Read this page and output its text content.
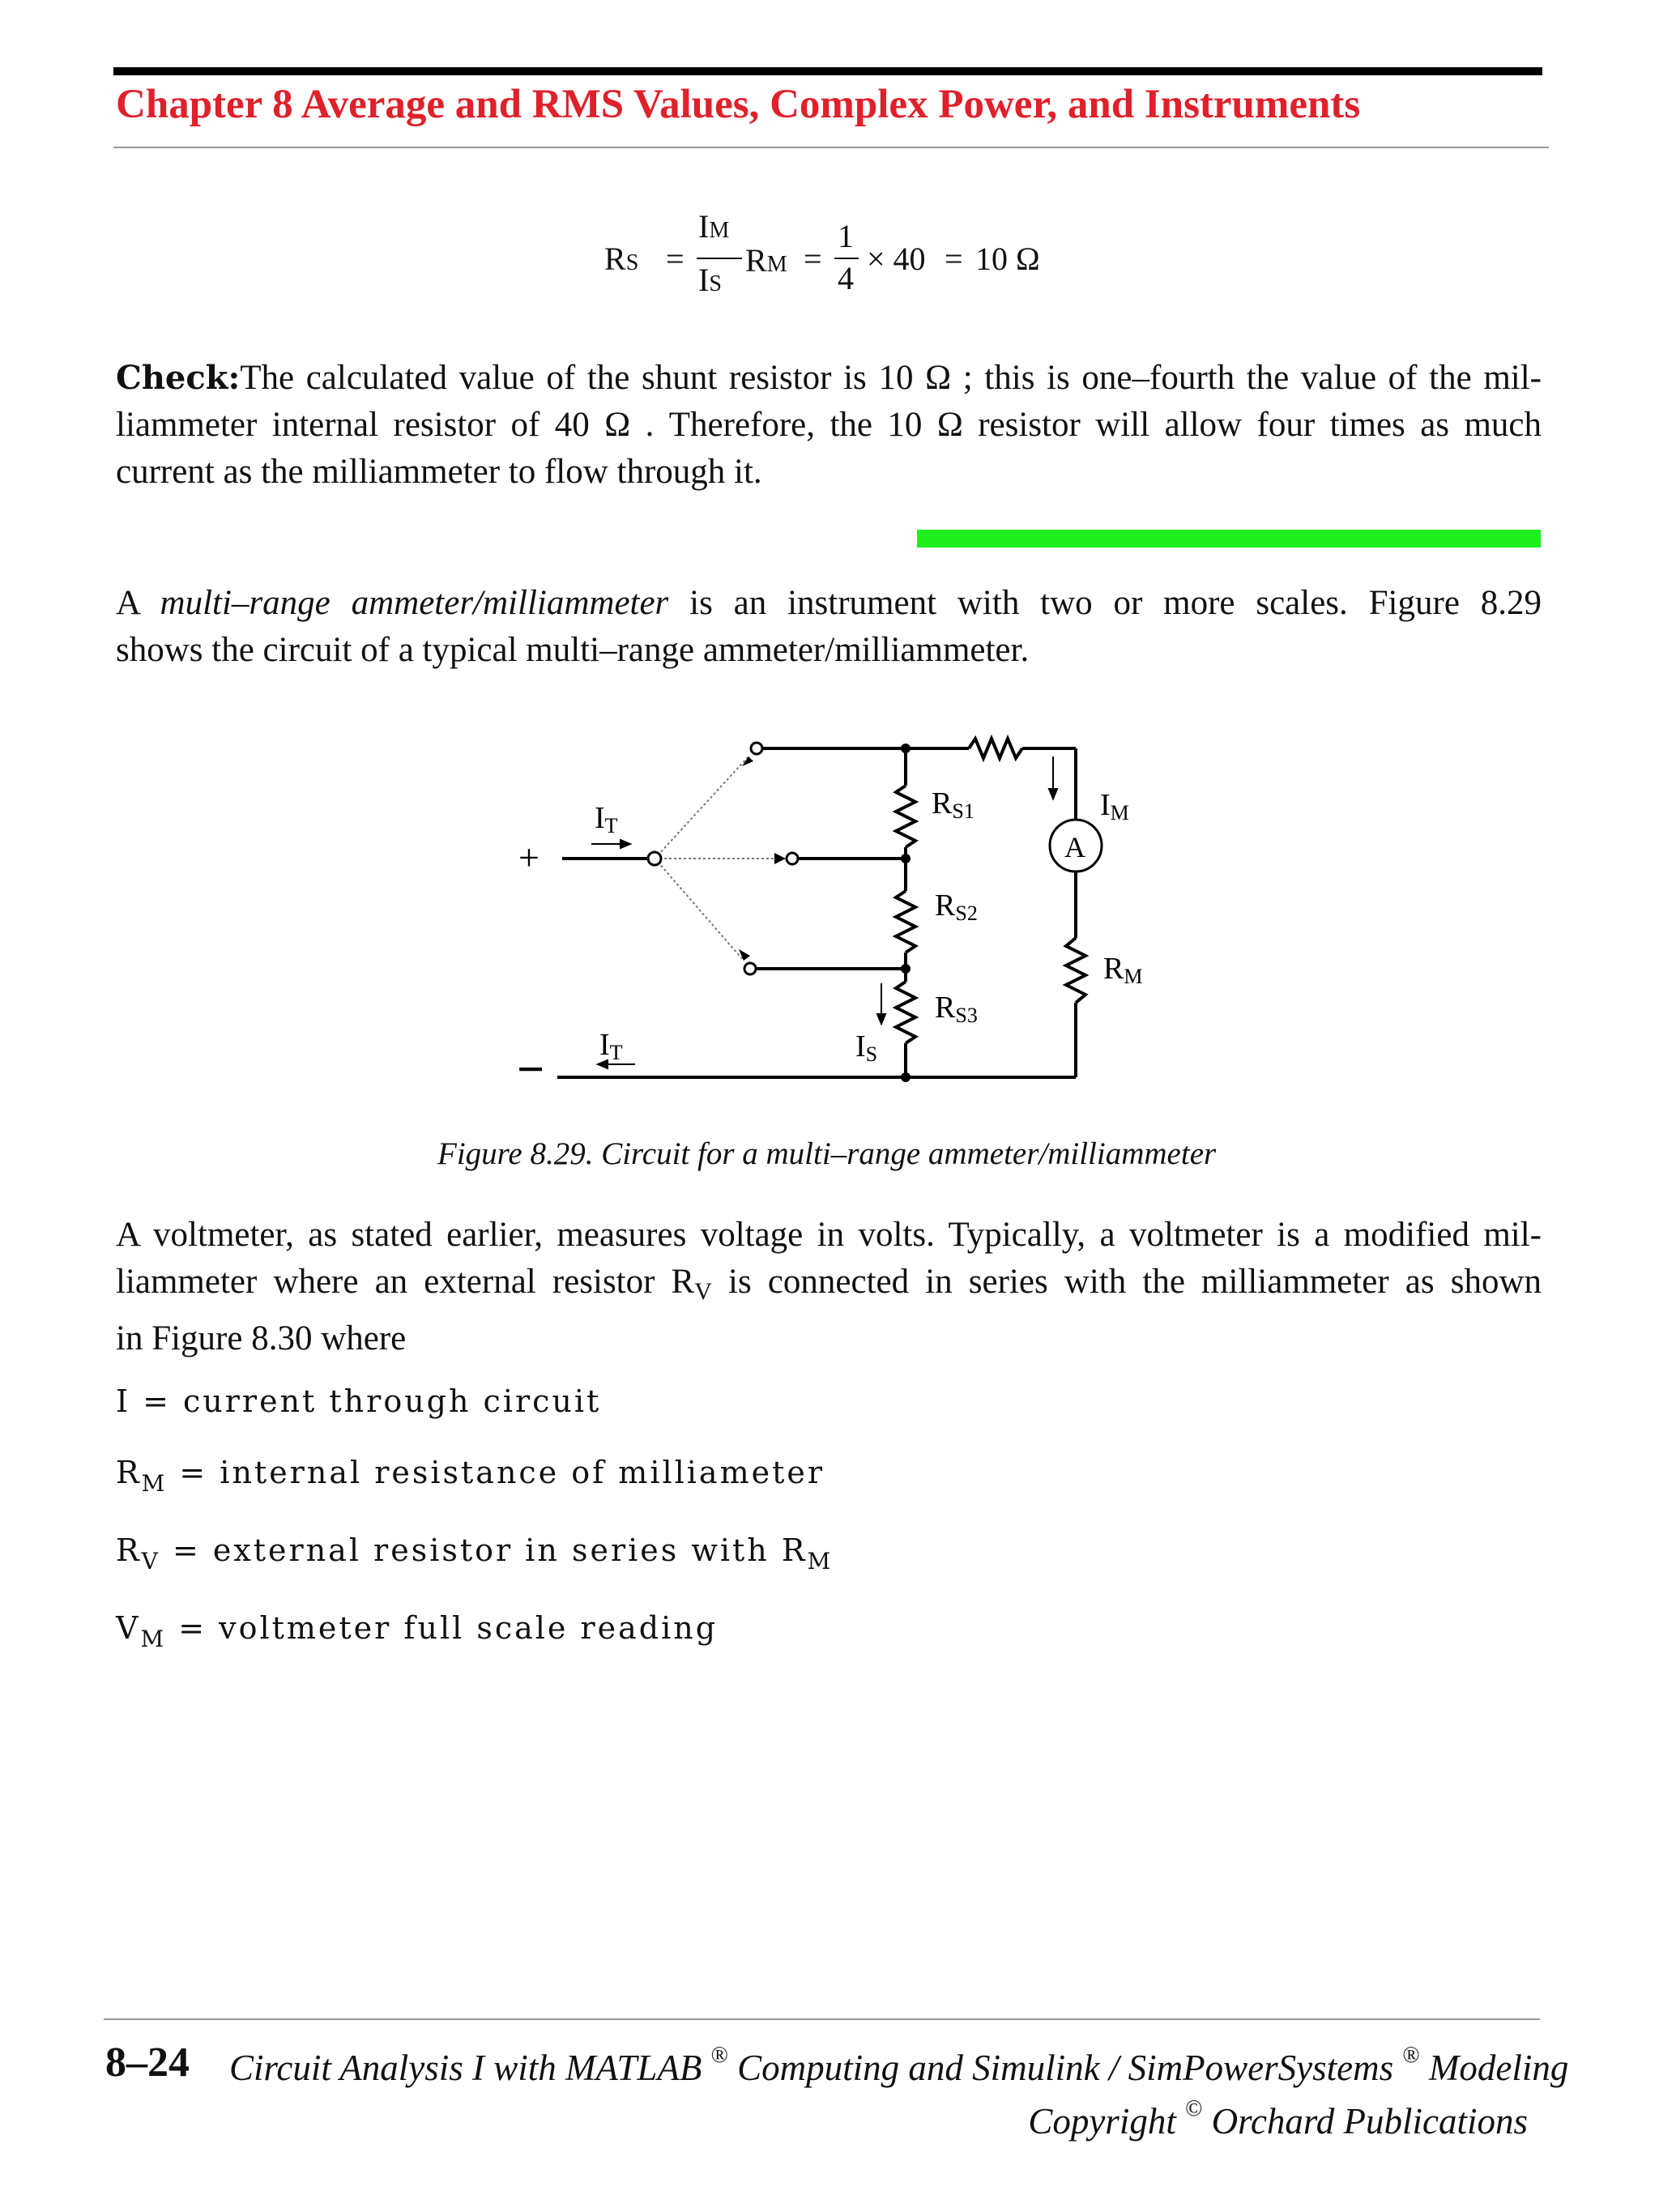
Chapter 8 Average and RMS Values, Complex Power, and Instruments
RS =
IM
IS
RM =
1
4
× 40 = 10 Ω
Check:The calculated value of the shunt resistor is 10 Ω ; this is one–fourth the value of the mil-
liammeter internal resistor of 40 Ω . Therefore, the 10 Ω resistor will allow four times as much
current as the milliammeter to flow through it.
A multi–range ammeter/milliammeter is an instrument with two or more scales. Figure 8.29
shows the circuit of a typical multi–range ammeter/milliammeter.
+
−
IT
IT	IS
IM
RS1
RS2
RS3
RM
A
Figure 8.29. Circuit for a multi–range ammeter/milliammeter
A voltmeter, as stated earlier, measures voltage in volts. Typically, a voltmeter is a modified mil-
liammeter where an external resistor RV is connected in series with the milliammeter as shown
in Figure 8.30 where
I = current through circuit
$R_M$ = internal resistance of milliameter
$R_V$ = external resistor in series with $R_M$
$V_M$ = voltmeter full scale reading
8–24 Circuit Analysis I with MATLAB ® Computing and Simulink / SimPowerSystems ® Modeling
Copyright © Orchard Publications
